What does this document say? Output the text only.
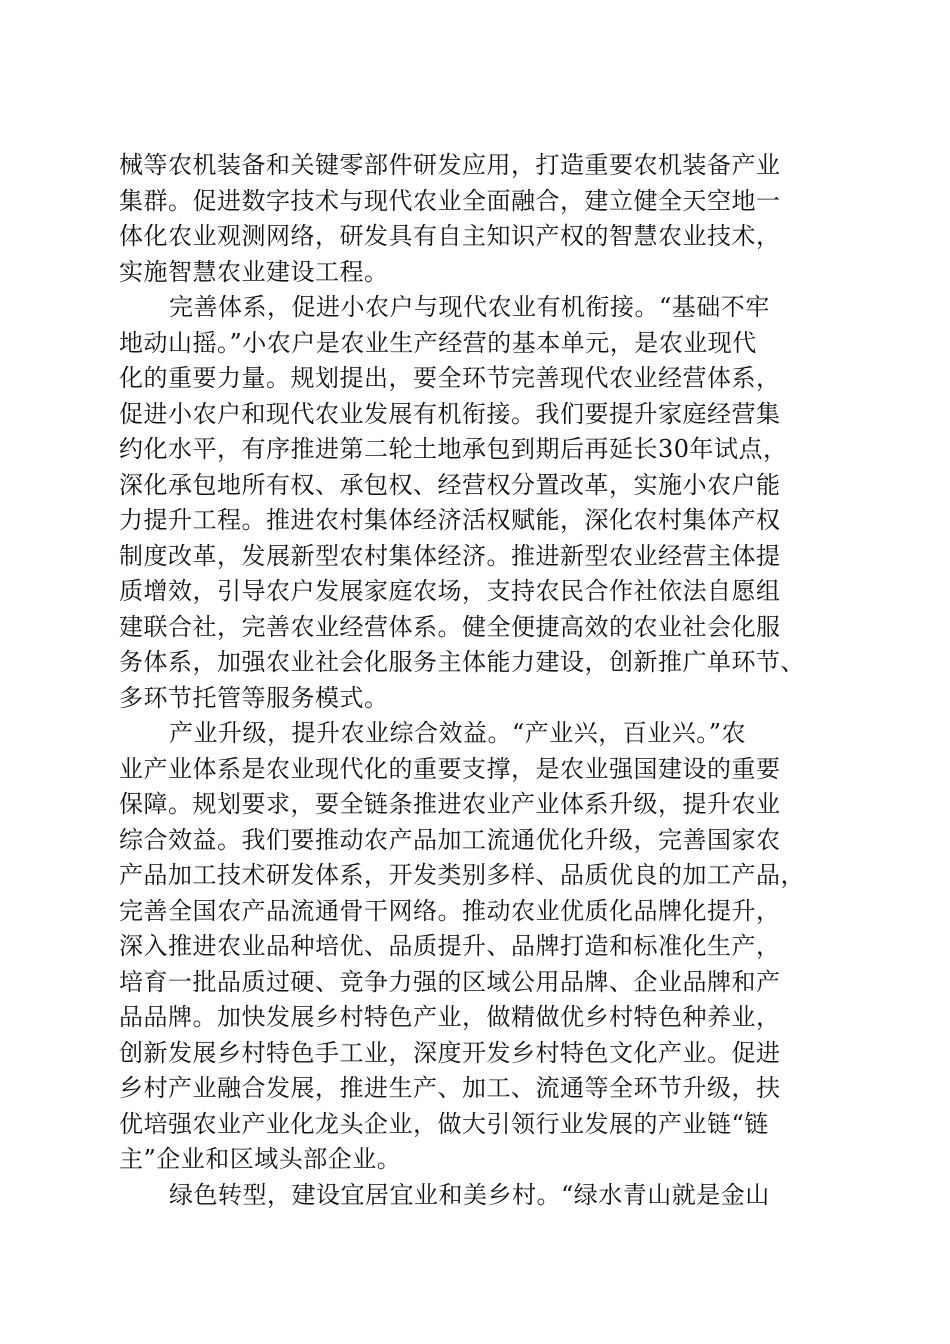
械等农机装备和关键零部件研发应用，打造重要农机装备产业
集群。促进数字技术与现代农业全面融合，建立健全天空地一
体化农业观测网络，研发具有自主知识产权的智慧农业技术，
实施智慧农业建设工程。
完善体系，促进小农户与现代农业有机衔接。“基础不牢
地动山摇。”小农户是农业生产经营的基本单元，是农业现代
化的重要力量。规划提出，要全环节完善现代农业经营体系，
促进小农户和现代农业发展有机衔接。我们要提升家庭经营集
约化水平，有序推进第二轮土地承包到期后再延长30年试点，
深化承包地所有权、承包权、经营权分置改革，实施小农户能
力提升工程。推进农村集体经济活权赋能，深化农村集体产权
制度改革，发展新型农村集体经济。推进新型农业经营主体提
质增效，引导农户发展家庭农场，支持农民合作社依法自愿组
建联合社，完善农业经营体系。健全便捷高效的农业社会化服
务体系，加强农业社会化服务主体能力建设，创新推广单环节、
多环节托管等服务模式。
产业升级，提升农业综合效益。“产业兴，百业兴。”农
业产业体系是农业现代化的重要支撑，是农业强国建设的重要
保障。规划要求，要全链条推进农业产业体系升级，提升农业
综合效益。我们要推动农产品加工流通优化升级，完善国家农
产品加工技术研发体系，开发类别多样、品质优良的加工产品，
完善全国农产品流通骨干网络。推动农业优质化品牌化提升，
深入推进农业品种培优、品质提升、品牌打造和标准化生产，
培育一批品质过硬、竞争力强的区域公用品牌、企业品牌和产
品品牌。加快发展乡村特色产业，做精做优乡村特色种养业，
创新发展乡村特色手工业，深度开发乡村特色文化产业。促进
乡村产业融合发展，推进生产、加工、流通等全环节升级，扶
优培强农业产业化龙头企业，做大引领行业发展的产业链“链
主”企业和区域头部企业。
绿色转型，建设宜居宜业和美乡村。“绿水青山就是金山
